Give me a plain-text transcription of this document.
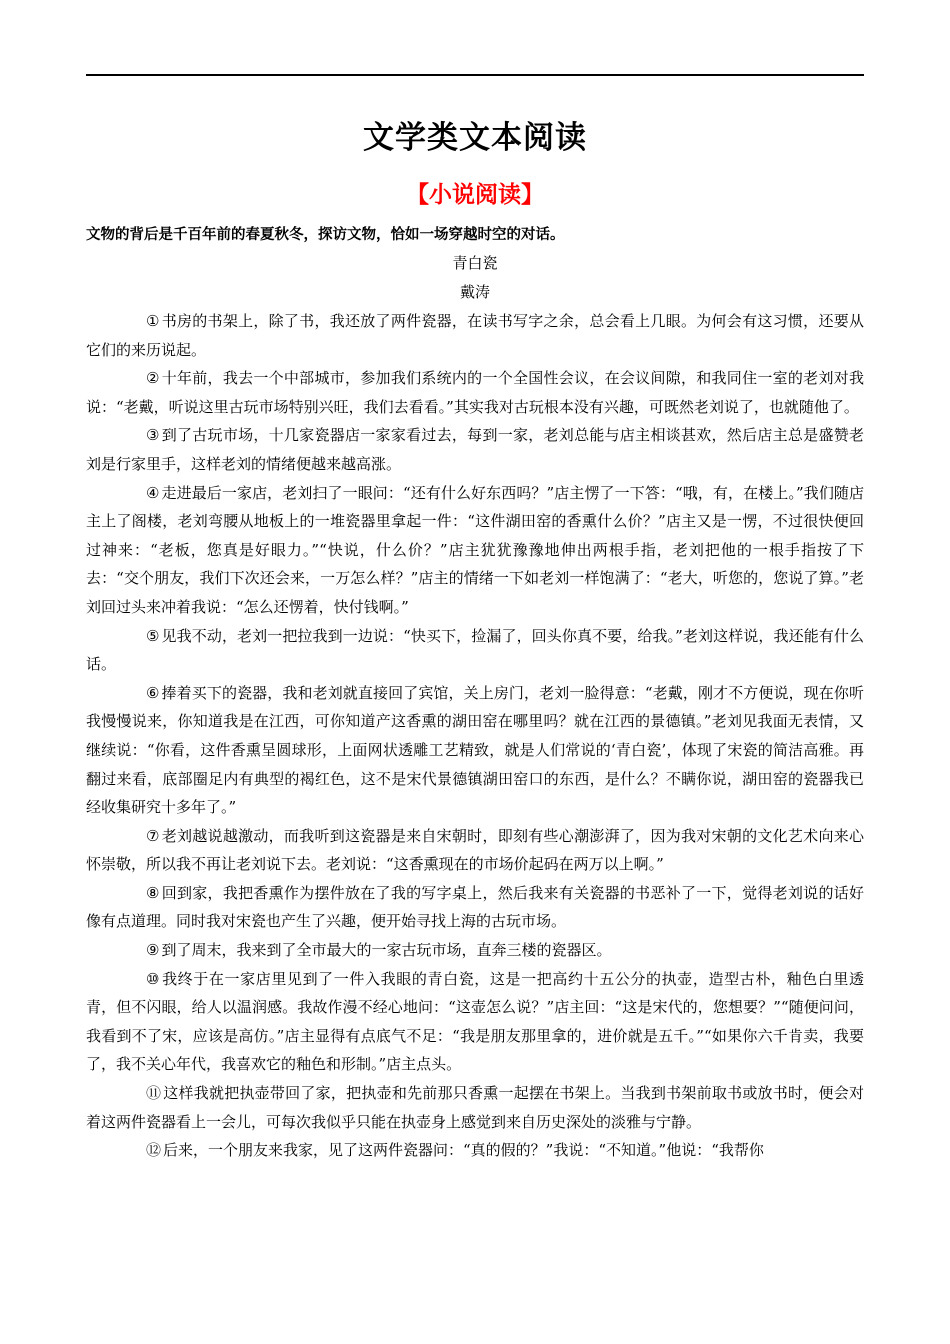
文学类文本阅读
【小说阅读】
文物的背后是千百年前的春夏秋冬，探访文物，恰如一场穿越时空的对话。
青白瓷
戴涛

① 书房的书架上，除了书，我还放了两件瓷器，在读书写字之余，总会看上几眼。为何会有这习惯，还要从它们的来历说起。

② 十年前，我去一个中部城市，参加我们系统内的一个全国性会议，在会议间隙，和我同住一室的老刘对我说：“老戴，听说这里古玩市场特别兴旺，我们去看看。”其实我对古玩根本没有兴趣，可既然老刘说了，也就随他了。

③ 到了古玩市场，十几家瓷器店一家家看过去，每到一家，老刘总能与店主相谈甚欢，然后店主总是盛赞老刘是行家里手，这样老刘的情绪便越来越高涨。

④ 走进最后一家店，老刘扫了一眼问：“还有什么好东西吗？”店主愣了一下答：“哦，有，在楼上。”我们随店主上了阁楼，老刘弯腰从地板上的一堆瓷器里拿起一件：“这件湖田窑的香熏什么价？”店主又是一愣，不过很快便回过神来：“老板，您真是好眼力。”“快说，什么价？”店主犹犹豫豫地伸出两根手指，老刘把他的一根手指按了下去：“交个朋友，我们下次还会来，一万怎么样？”店主的情绪一下如老刘一样饱满了：“老大，听您的，您说了算。”老刘回过头来冲着我说：“怎么还愣着，快付钱啊。”

⑤ 见我不动，老刘一把拉我到一边说：“快买下，捡漏了，回头你真不要，给我。”老刘这样说，我还能有什么话。

⑥ 捧着买下的瓷器，我和老刘就直接回了宾馆，关上房门，老刘一脸得意：“老戴，刚才不方便说，现在你听我慢慢说来，你知道我是在江西，可你知道产这香熏的湖田窑在哪里吗？就在江西的景德镇。”老刘见我面无表情，又继续说：“你看，这件香熏呈圆球形，上面网状透雕工艺精致，就是人们常说的‘青白瓷’，体现了宋瓷的简洁高雅。再翻过来看，底部圈足内有典型的褐红色，这不是宋代景德镇湖田窑口的东西，是什么？不瞒你说，湖田窑的瓷器我已经收集研究十多年了。”

⑦ 老刘越说越激动，而我听到这瓷器是来自宋朝时，即刻有些心潮澎湃了，因为我对宋朝的文化艺术向来心怀崇敬，所以我不再让老刘说下去。老刘说：“这香熏现在的市场价起码在两万以上啊。”

⑧ 回到家，我把香熏作为摆件放在了我的写字桌上，然后我来有关瓷器的书恶补了一下，觉得老刘说的话好像有点道理。同时我对宋瓷也产生了兴趣，便开始寻找上海的古玩市场。

⑨ 到了周末，我来到了全市最大的一家古玩市场，直奔三楼的瓷器区。

⑩ 我终于在一家店里见到了一件入我眼的青白瓷，这是一把高约十五公分的执壶，造型古朴，釉色白里透青，但不闪眼，给人以温润感。我故作漫不经心地问：“这壶怎么说？”店主回：“这是宋代的，您想要？”“随便问问，我看到不了宋，应该是高仿。”店主显得有点底气不足：“我是朋友那里拿的，进价就是五千。”“如果你六千肯卖，我要了，我不关心年代，我喜欢它的釉色和形制。”店主点头。

⑪ 这样我就把执壶带回了家，把执壶和先前那只香熏一起摆在书架上。当我到书架前取书或放书时，便会对着这两件瓷器看上一会儿，可每次我似乎只能在执壶身上感觉到来自历史深处的淡雅与宁静。

⑫ 后来，一个朋友来我家，见了这两件瓷器问：“真的假的？”我说：“不知道。”他说：“我帮你
